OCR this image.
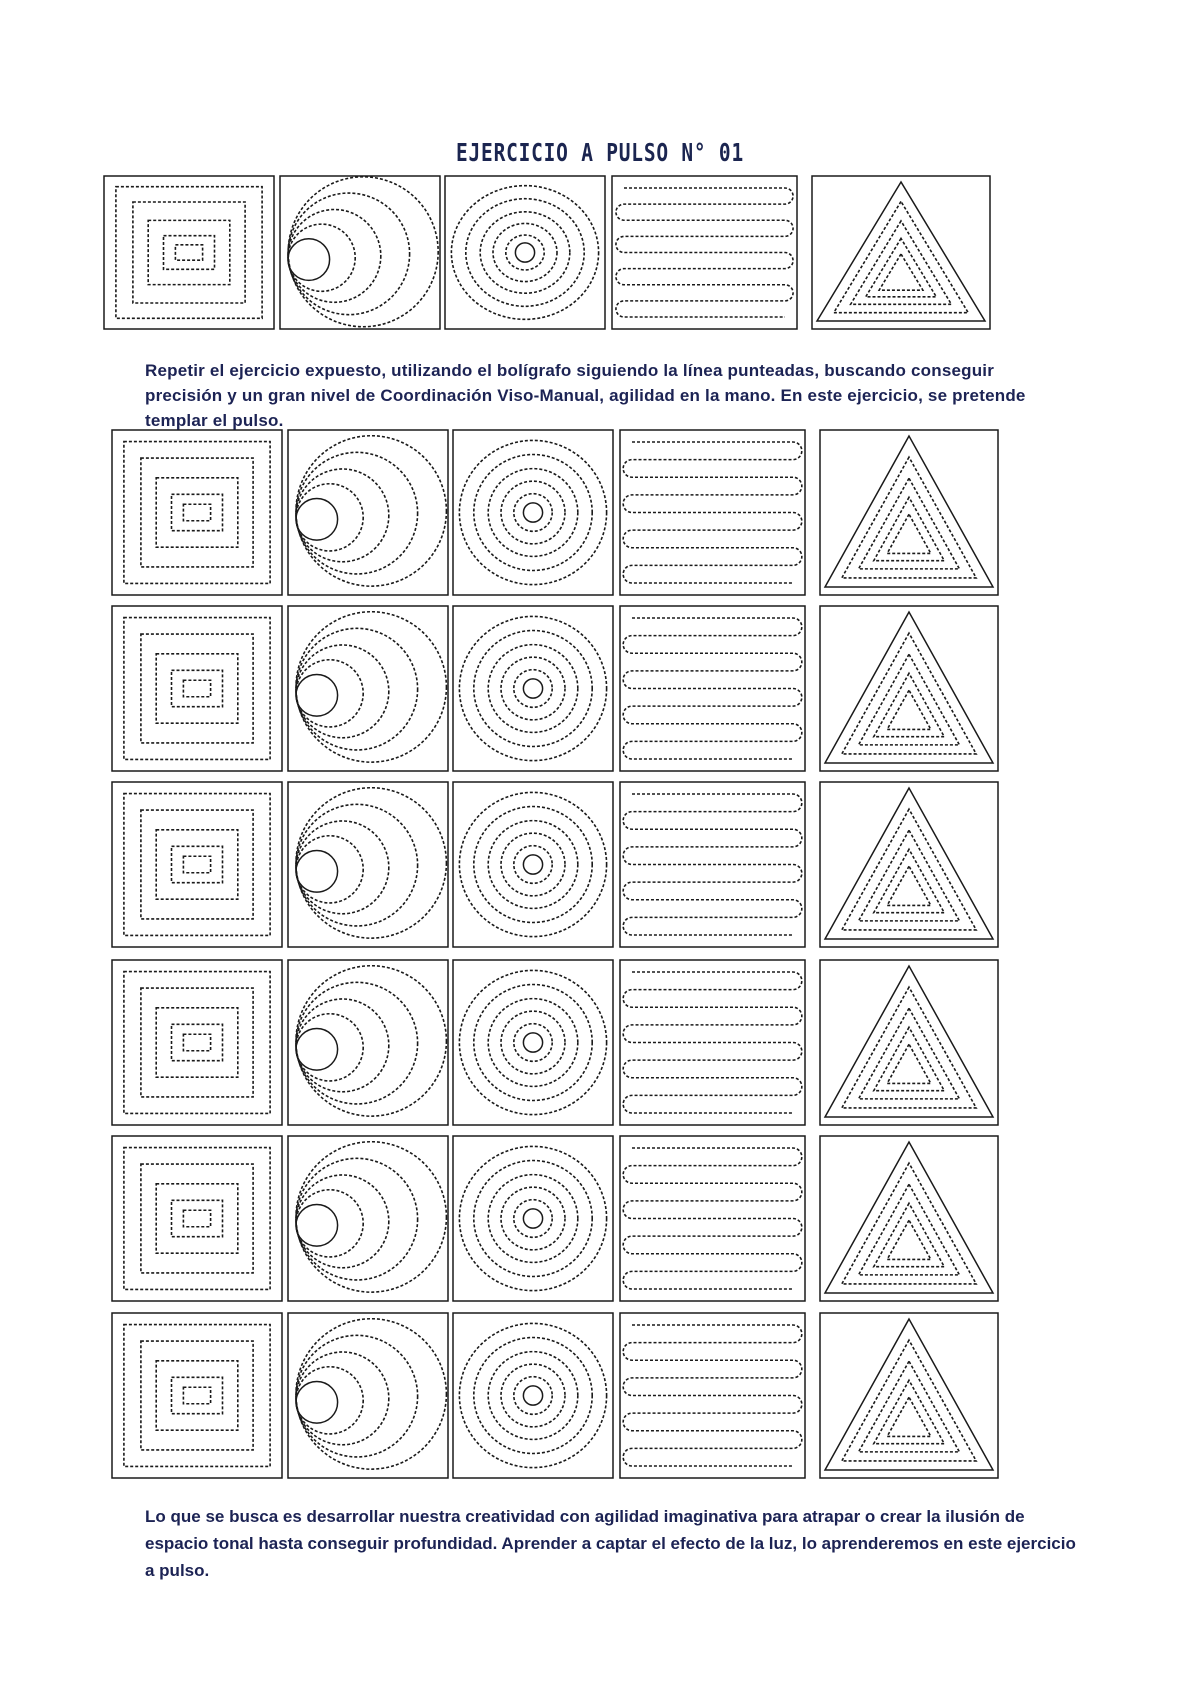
EJERCICIO A PULSO N° 01
Repetir el ejercicio expuesto, utilizando el bolígrafo siguiendo la línea punteadas, buscando conseguir precisión y un gran nivel de Coordinación Viso-Manual, agilidad en la mano. En este ejercicio, se pretende templar el pulso.
Lo que se busca es desarrollar nuestra creatividad con agilidad imaginativa para atrapar o crear la ilusión de espacio tonal hasta conseguir profundidad. Aprender a captar el efecto de la luz, lo aprenderemos en este ejercicio a pulso.
